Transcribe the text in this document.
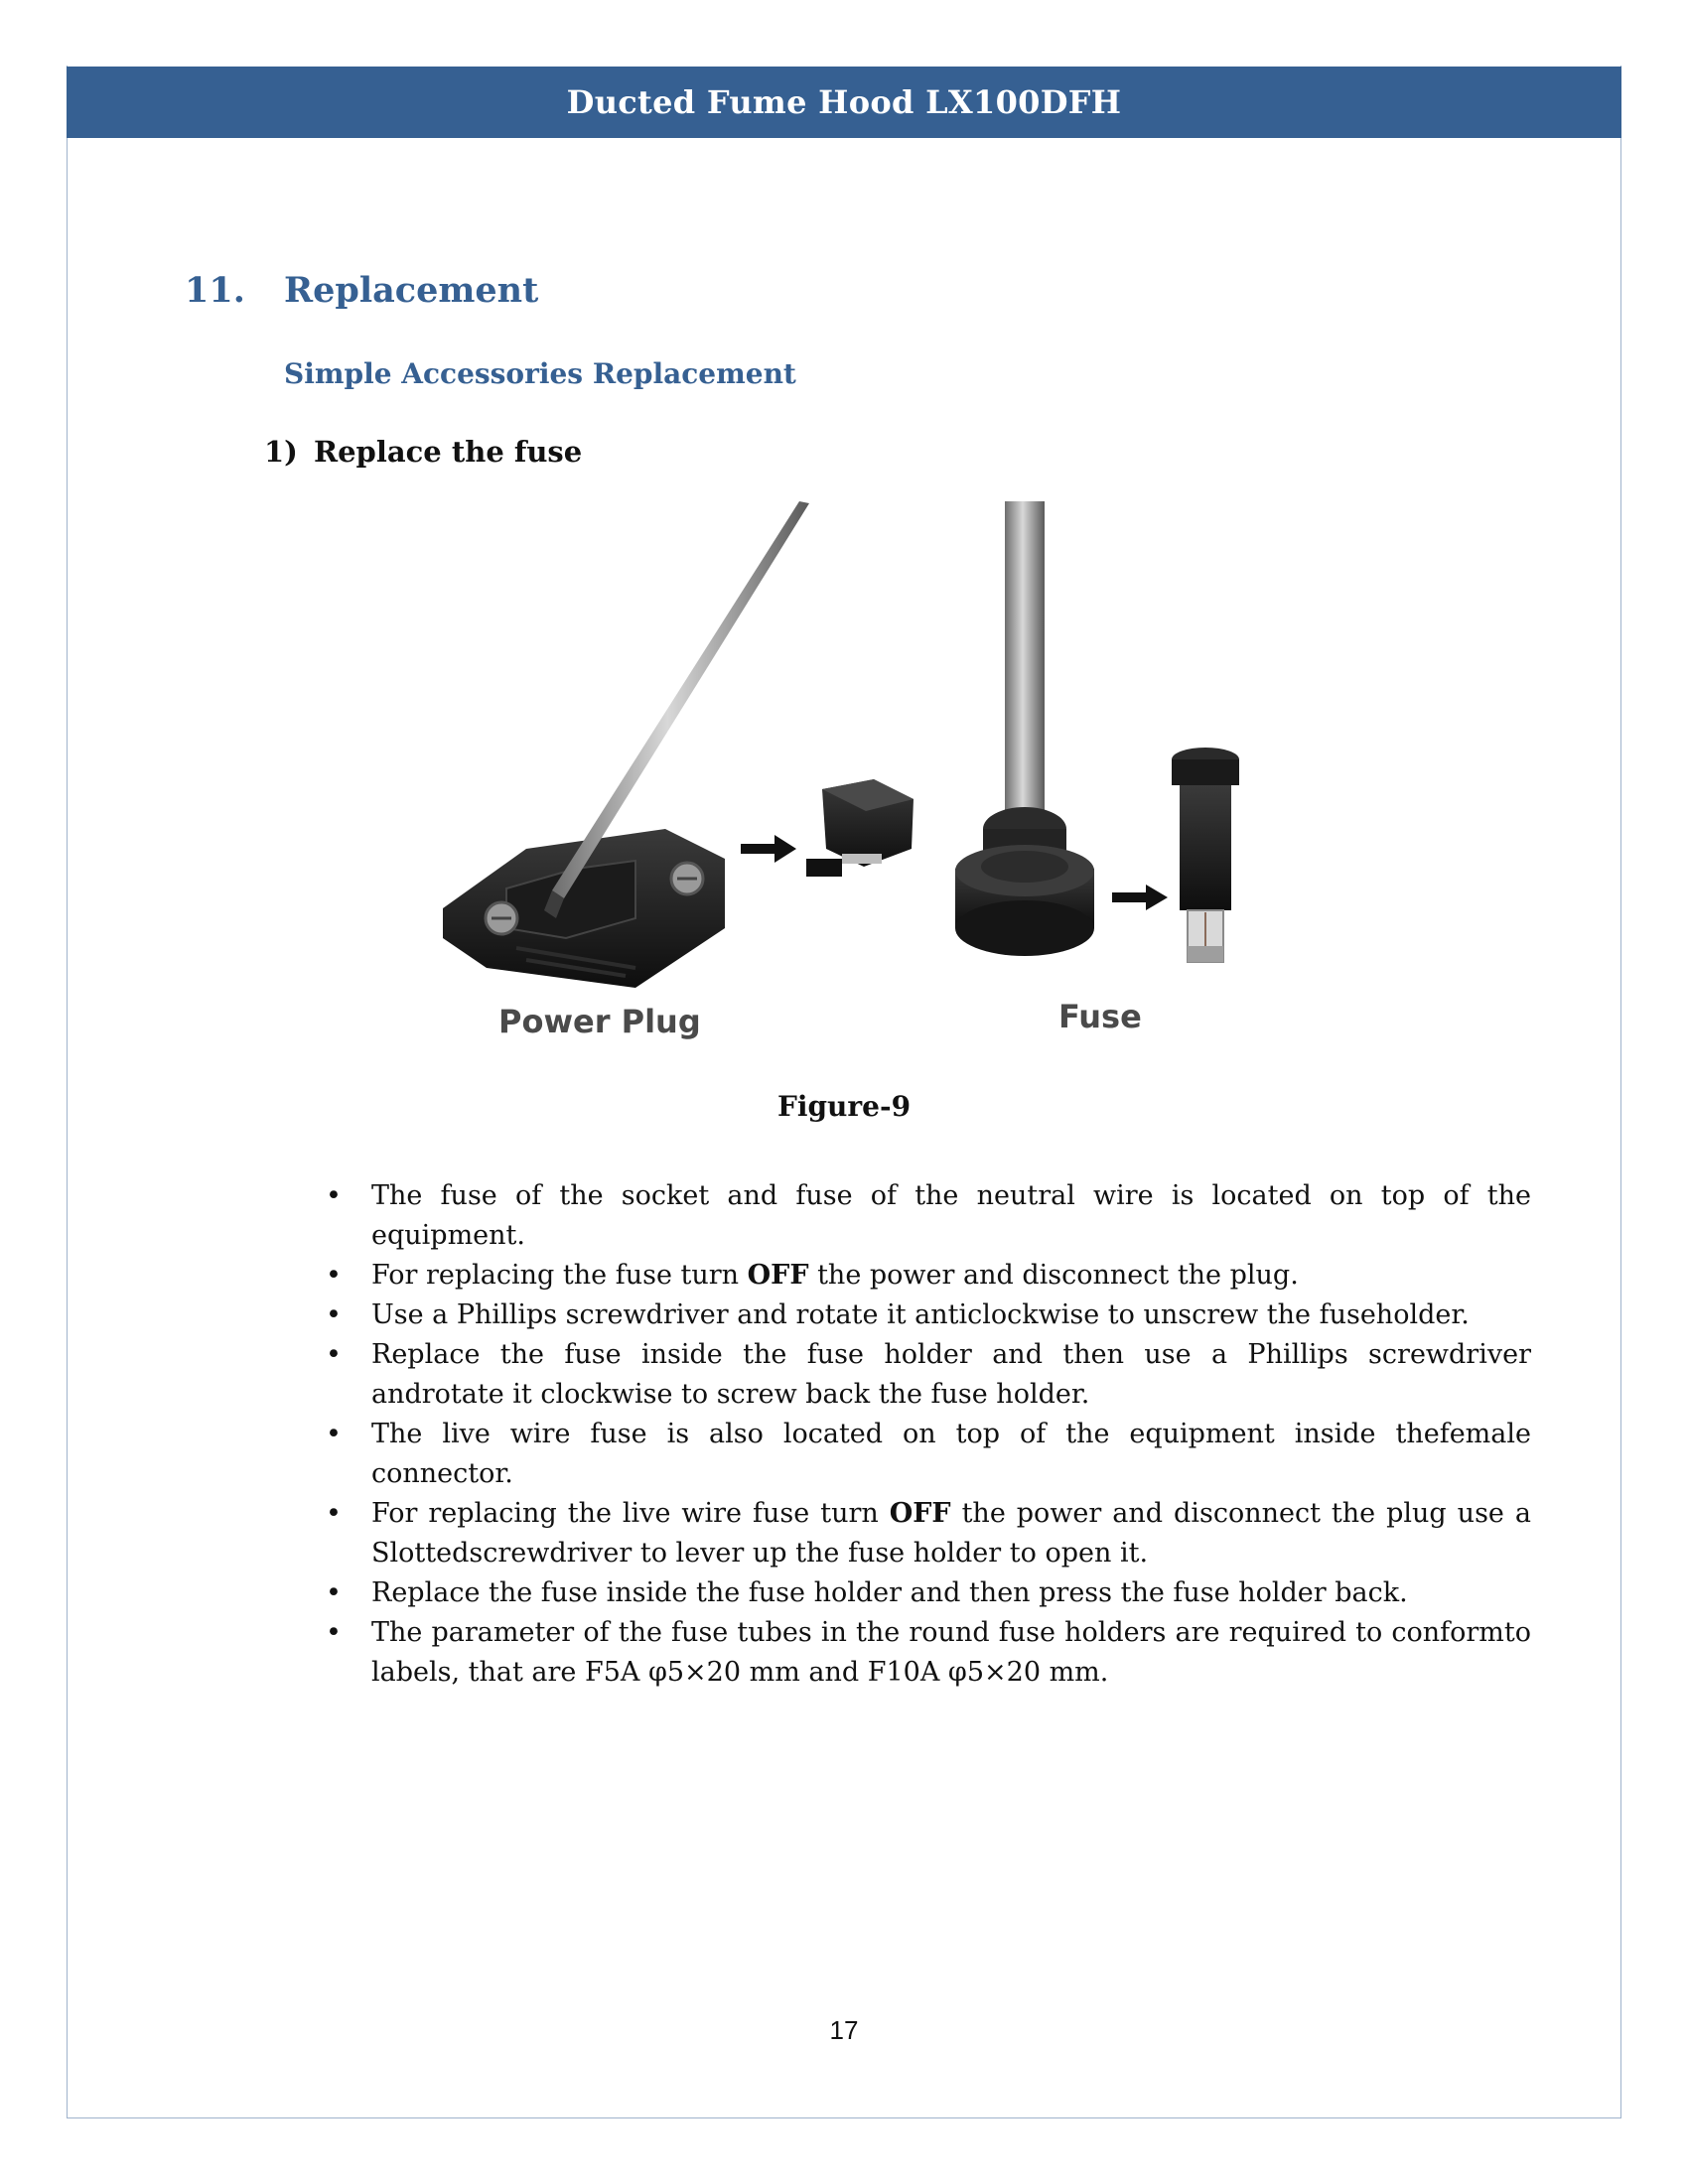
Ducted Fume Hood LX100DFH
11.	Replacement
Simple Accessories Replacement
1) Replace the fuse
Power Plug	Fuse
Figure-9
• The fuse of the socket and fuse of the neutral wire is located on top of the equipment.
• For replacing the fuse turn OFF the power and disconnect the plug.
• Use a Phillips screwdriver and rotate it anticlockwise to unscrew the fuseholder.
• Replace the fuse inside the fuse holder and then use a Phillips screwdriver androtate it clockwise to screw back the fuse holder.
• The live wire fuse is also located on top of the equipment inside thefemale connector.
• For replacing the live wire fuse turn OFF the power and disconnect the plug use a Slottedscrewdriver to lever up the fuse holder to open it.
• Replace the fuse inside the fuse holder and then press the fuse holder back.
• The parameter of the fuse tubes in the round fuse holders are required to conformto labels, that are F5A φ5×20 mm and F10A φ5×20 mm.
17
